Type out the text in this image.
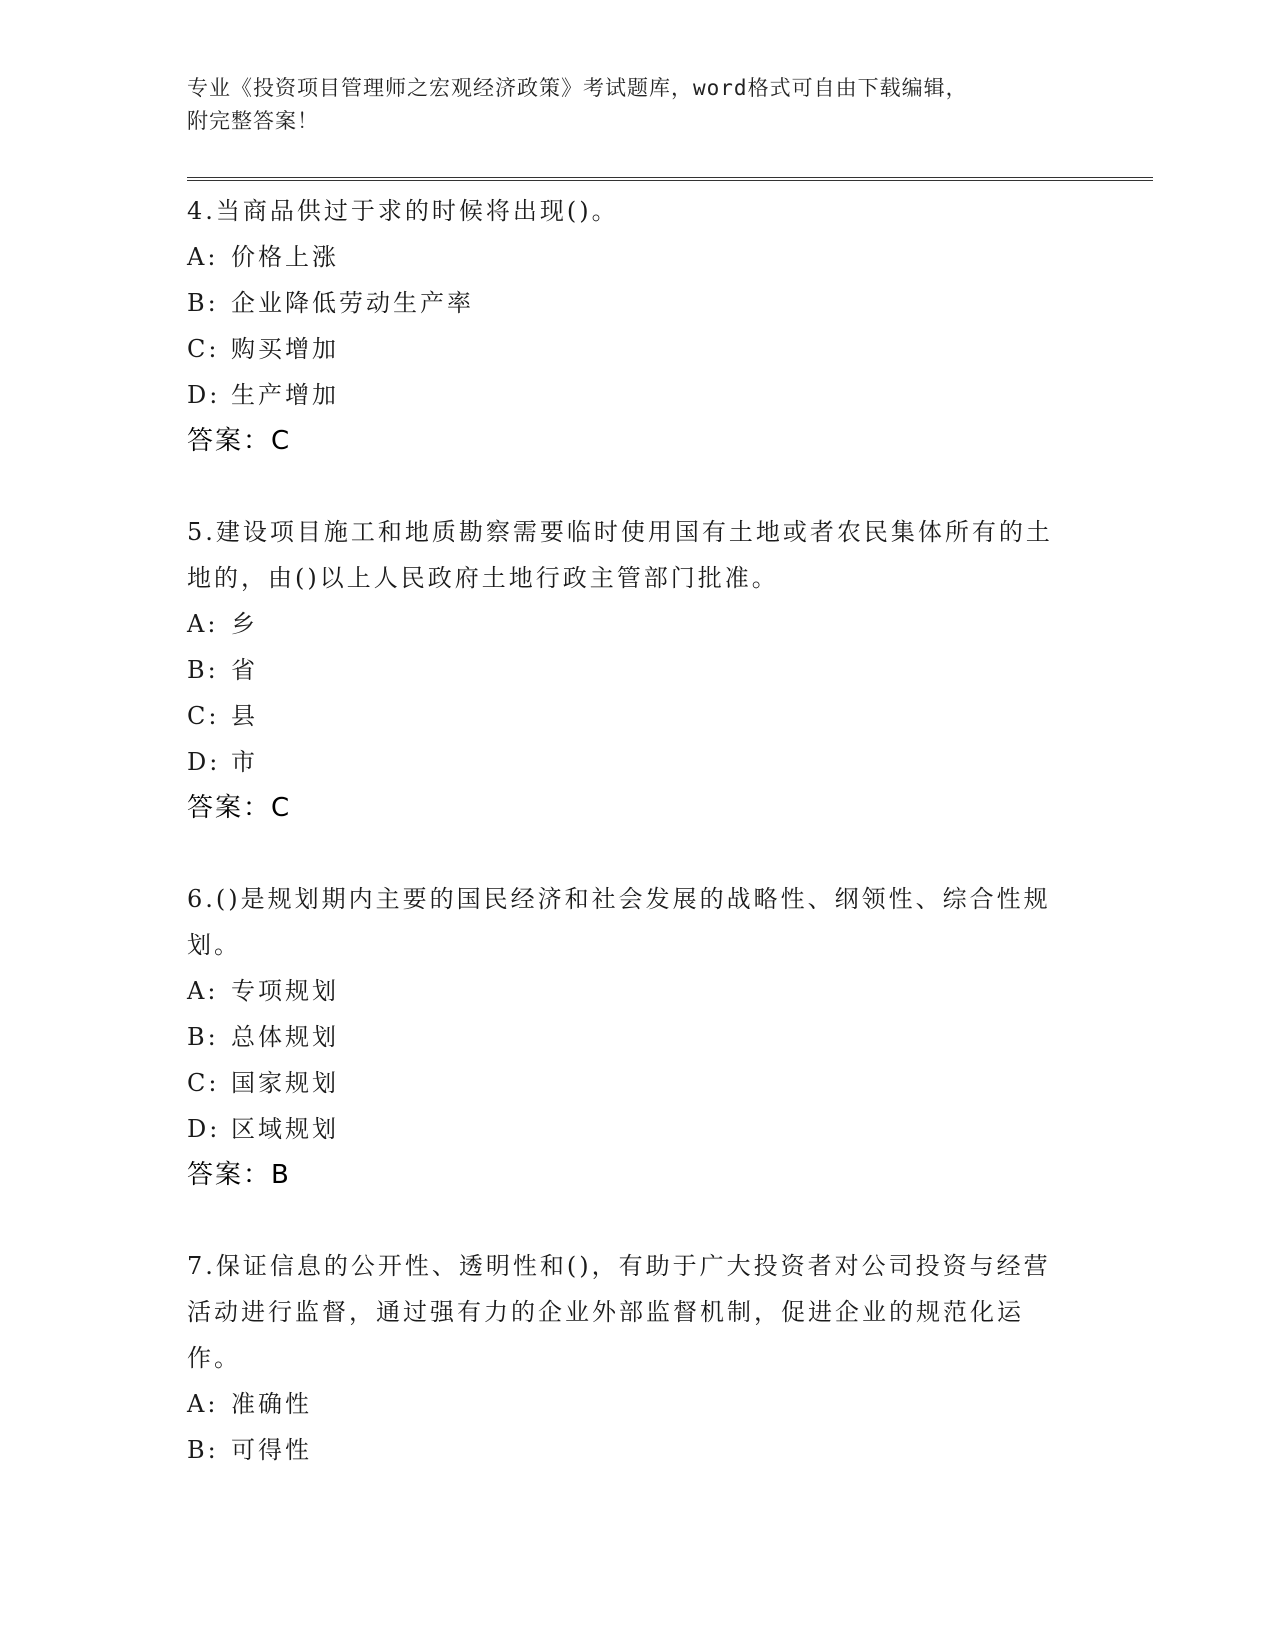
专业《投资项目管理师之宏观经济政策》考试题库，word格式可自由下载编辑，
附完整答案！
4.当商品供过于求的时候将出现()。
A: 价格上涨
B: 企业降低劳动生产率
C: 购买增加
D: 生产增加
答案：C
5.建设项目施工和地质勘察需要临时使用国有土地或者农民集体所有的土地的，由()以上人民政府土地行政主管部门批准。
A: 乡
B: 省
C: 县
D: 市
答案：C
6.()是规划期内主要的国民经济和社会发展的战略性、纲领性、综合性规划。
A: 专项规划
B: 总体规划
C: 国家规划
D: 区域规划
答案：B
7.保证信息的公开性、透明性和()，有助于广大投资者对公司投资与经营活动进行监督，通过强有力的企业外部监督机制，促进企业的规范化运作。
A: 准确性
B: 可得性
